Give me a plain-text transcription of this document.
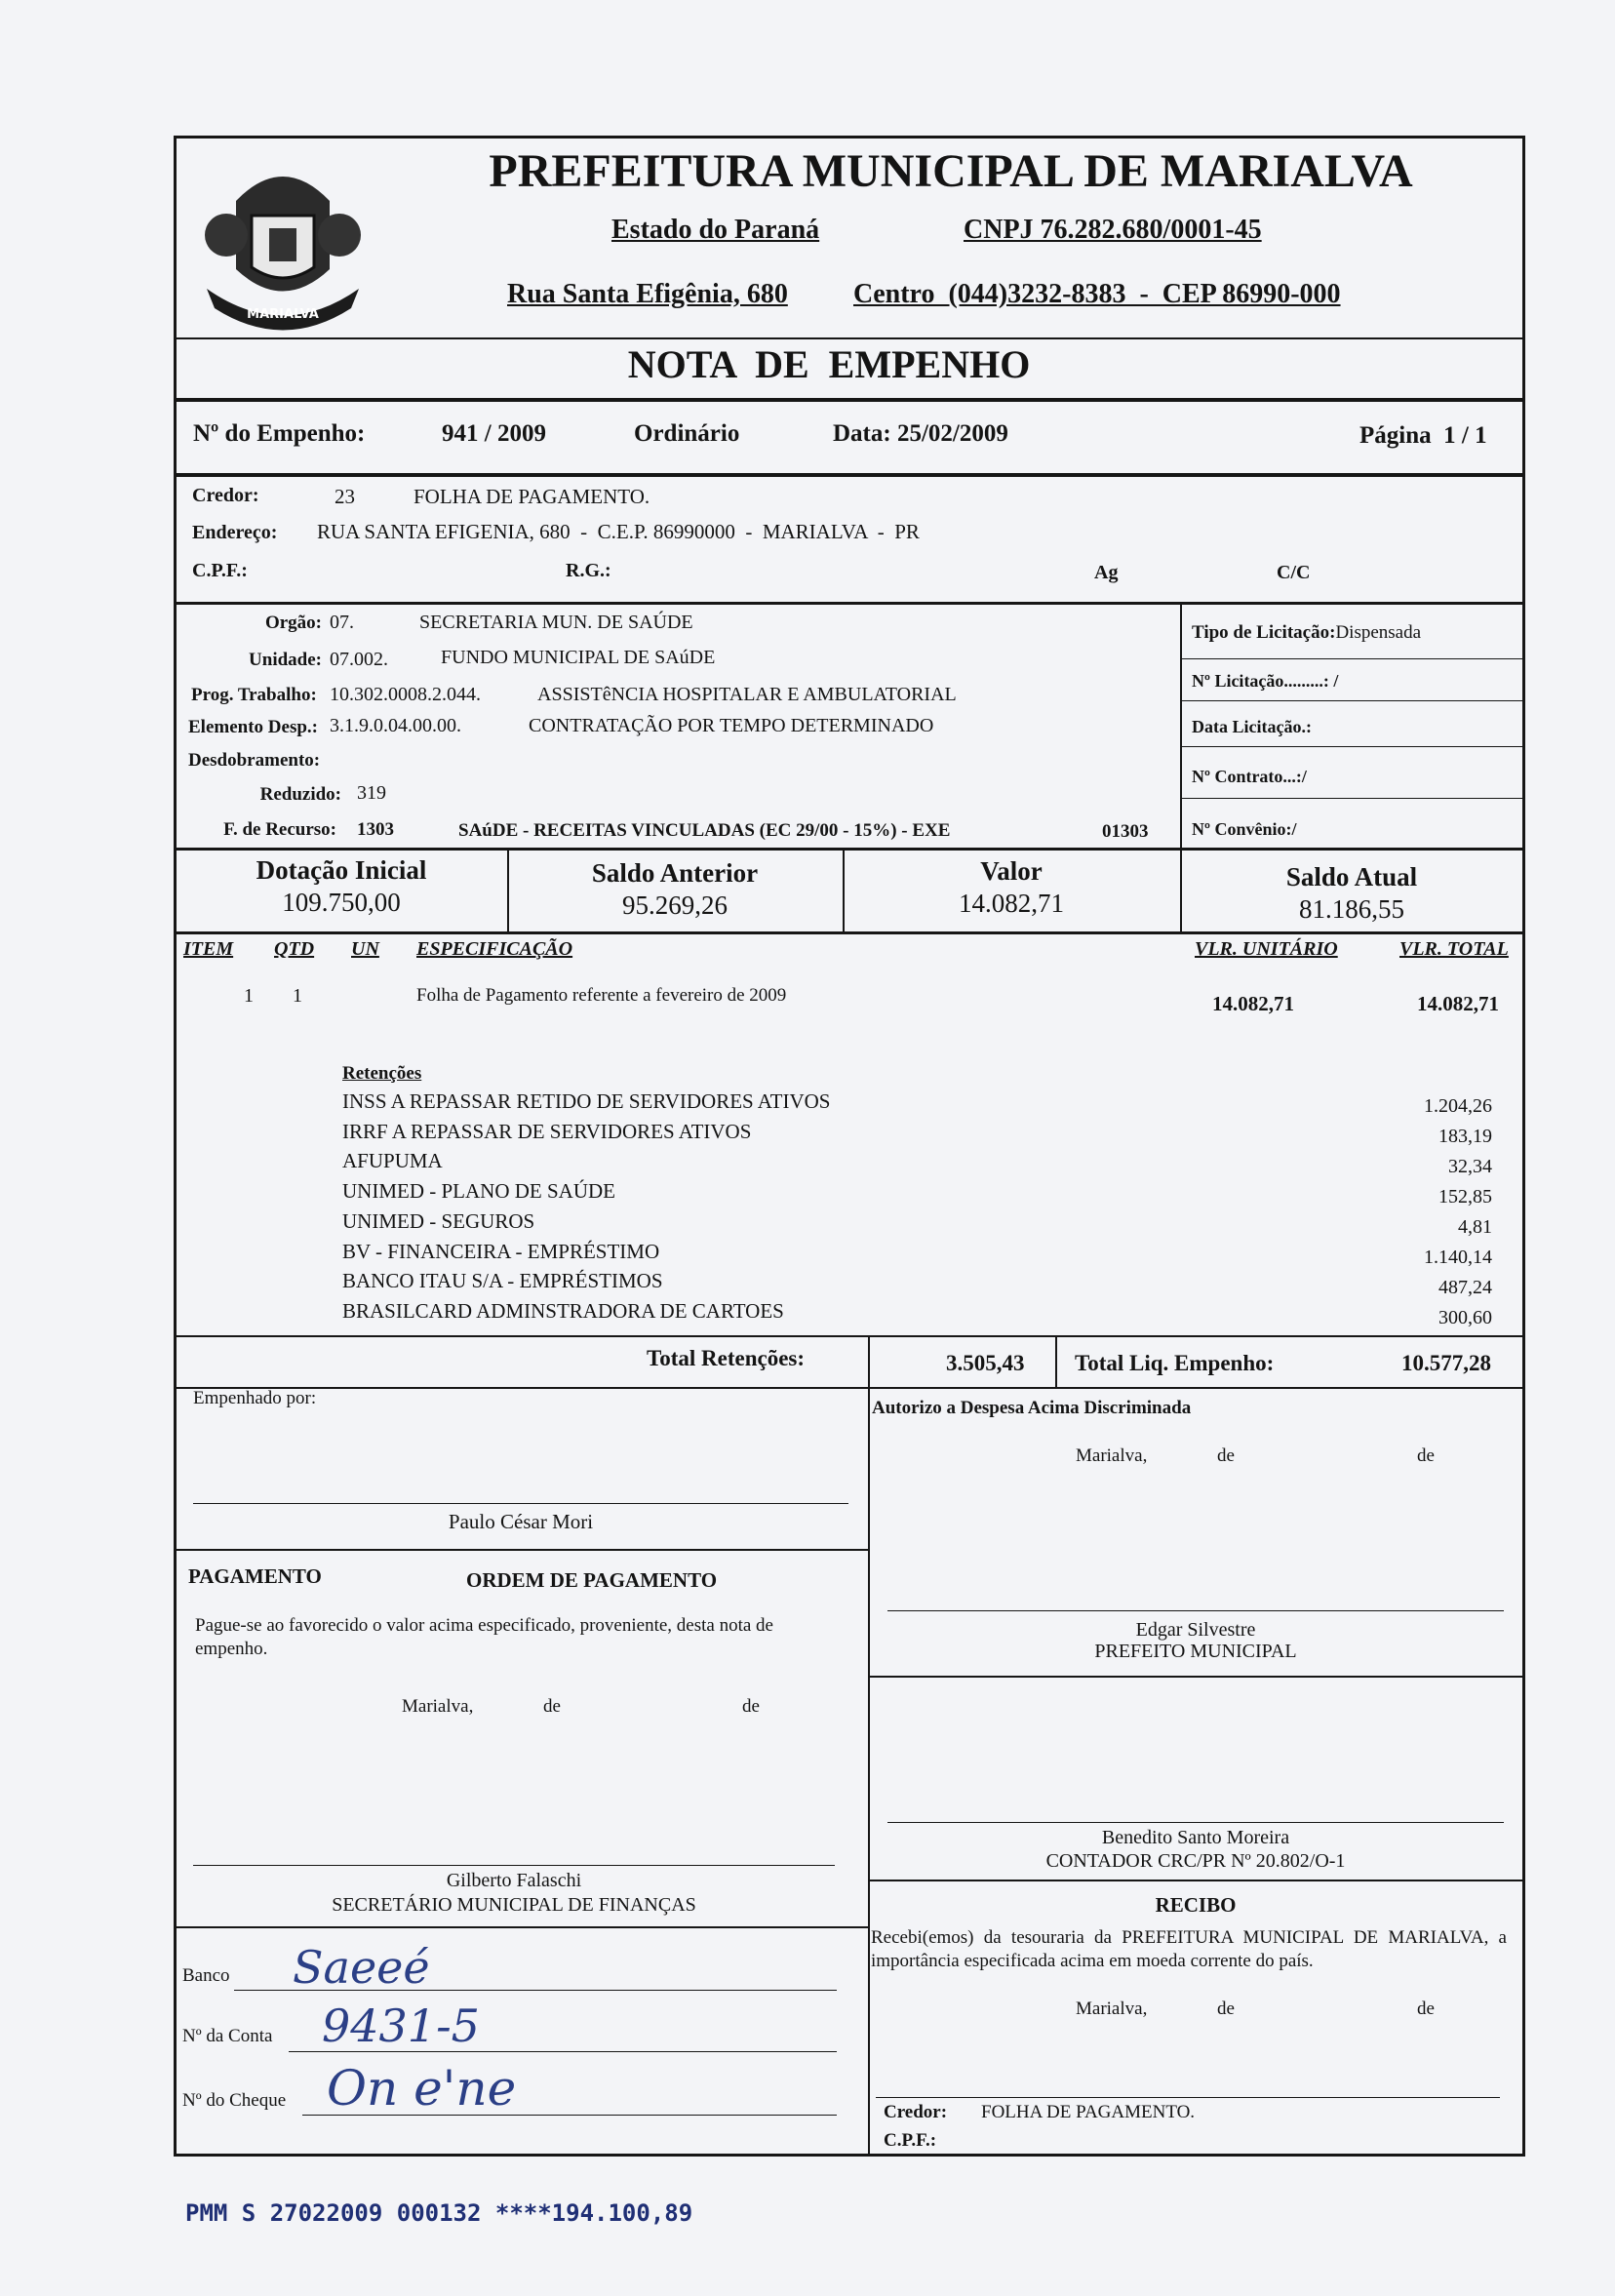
MARIALVA
PREFEITURA MUNICIPAL DE MARIALVA
Estado do Paraná	CNPJ 76.282.680/0001-45
Rua Santa Efigênia, 680 Centro  (044)3232-8383  -  CEP 86990-000
NOTA  DE  EMPENHO
Nº do Empenho:	941 / 2009	Ordinário	Data: 25/02/2009	Página  1 / 1
Credor:	23	FOLHA DE PAGAMENTO.
Endereço: RUA SANTA EFIGENIA, 680  -  C.E.P. 86990000  -  MARIALVA  -  PR
C.P.F.:	R.G.:	Ag	C/C
Orgão: 07.	SECRETARIA MUN. DE SAÚDE
Unidade: 07.002.	FUNDO MUNICIPAL DE SAúDE
Prog. Trabalho: 10.302.0008.2.044.	ASSISTêNCIA HOSPITALAR E AMBULATORIAL
Elemento Desp.: 3.1.9.0.04.00.00.	CONTRATAÇÃO POR TEMPO DETERMINADO
Desdobramento:
Reduzido: 319
F. de Recurso: 1303	SAúDE - RECEITAS VINCULADAS (EC 29/00 - 15%) - EXE	01303
Tipo de Licitação:Dispensada
Nº Licitação.........: /
Data Licitação.:
Nº Contrato...:/
Nº Convênio:/
Dotação Inicial
109.750,00
Saldo Anterior
95.269,26
Valor
14.082,71
Saldo Atual
81.186,55
ITEM QTD UN ESPECIFICAÇÃO	VLR. UNITÁRIO	VLR. TOTAL
1 1	Folha de Pagamento referente a fevereiro de 2009	14.082,71	14.082,71
Retenções
INSS A REPASSAR RETIDO DE SERVIDORES ATIVOS	1.204,26
IRRF A REPASSAR DE SERVIDORES ATIVOS	183,19
AFUPUMA	32,34
UNIMED - PLANO DE SAÚDE	152,85
UNIMED - SEGUROS	4,81
BV - FINANCEIRA - EMPRÉSTIMO	1.140,14
BANCO ITAU S/A - EMPRÉSTIMOS	487,24
BRASILCARD ADMINSTRADORA DE CARTOES	300,60
Total Retenções:	3.505,43 Total Liq. Empenho:	10.577,28
Empenhado por:
Paulo César Mori
Autorizo a Despesa Acima Discriminada
Marialva,	de	de
PAGAMENTO	ORDEM DE PAGAMENTO
Pague-se ao favorecido o valor acima especificado, proveniente, desta nota de empenho.
Marialva,	de	de
Gilberto Falaschi
SECRETÁRIO MUNICIPAL DE FINANÇAS
Edgar Silvestre
PREFEITO MUNICIPAL
Benedito Santo Moreira
CONTADOR CRC/PR Nº 20.802/O-1
RECIBO
Recebi(emos) da tesouraria da PREFEITURA MUNICIPAL DE MARIALVA, a importância especificada acima em moeda corrente do país.
Marialva,	de	de
Credor: FOLHA DE PAGAMENTO.
C.P.F.:
Banco Saeeé
Nº da Conta 9431-5
Nº do Cheque On e'ne
PMM S 27022009 000132 ****194.100,89
